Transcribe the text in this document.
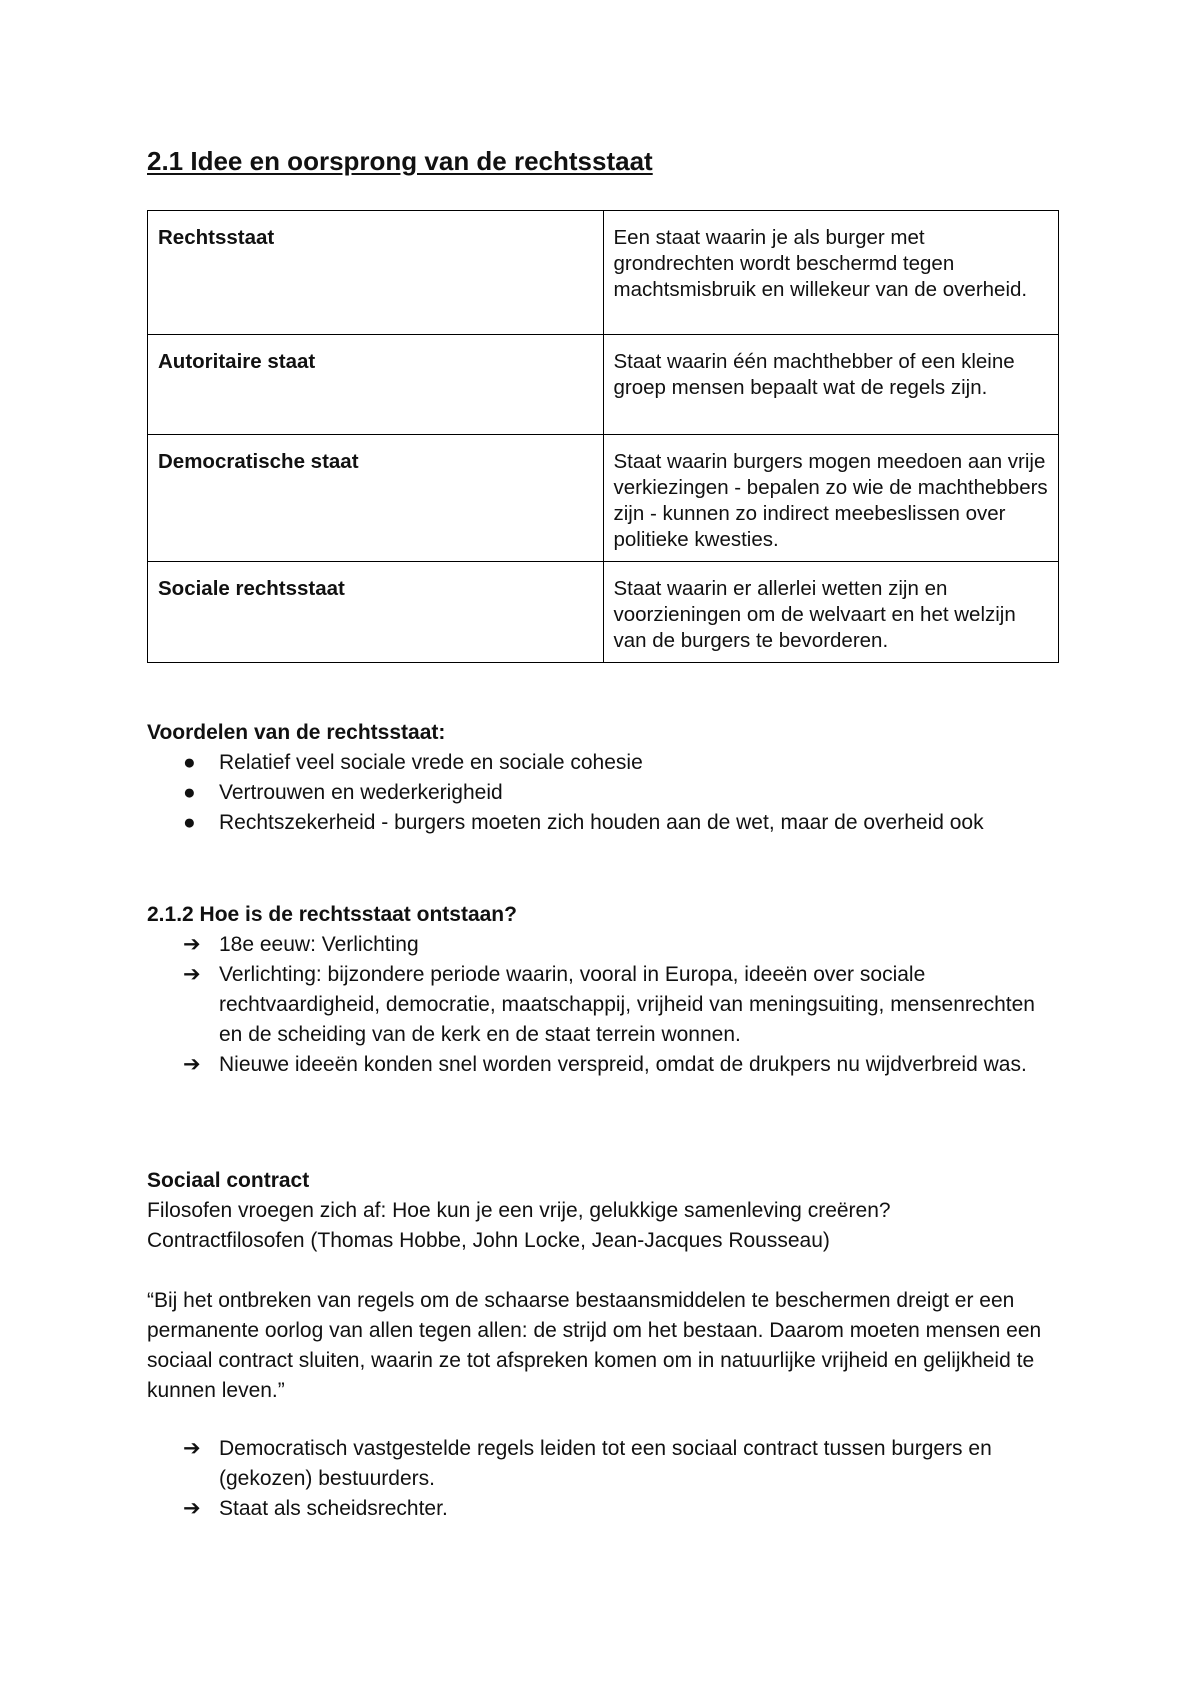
2.1 Idee en oorsprong van de rechtsstaat
Rechtsstaat	Een staat waarin je als burger met grondrechten wordt beschermd tegen machtsmisbruik en willekeur van de overheid.
Autoritaire staat	Staat waarin één machthebber of een kleine groep mensen bepaalt wat de regels zijn.
Democratische staat	Staat waarin burgers mogen meedoen aan vrije verkiezingen - bepalen zo wie de machthebbers zijn - kunnen zo indirect meebeslissen over politieke kwesties.
Sociale rechtsstaat	Staat waarin er allerlei wetten zijn en voorzieningen om de welvaart en het welzijn van de burgers te bevorderen.

Voordelen van de rechtsstaat:

● Relatief veel sociale vrede en sociale cohesie
● Vertrouwen en wederkerigheid
● Rechtszekerheid - burgers moeten zich houden aan de wet, maar de overheid ook

2.1.2 Hoe is de rechtsstaat ontstaan?

➔ 18e eeuw: Verlichting
➔ Verlichting: bijzondere periode waarin, vooral in Europa, ideeën over sociale rechtvaardigheid, democratie, maatschappij, vrijheid van meningsuiting, mensenrechten en de scheiding van de kerk en de staat terrein wonnen.
➔ Nieuwe ideeën konden snel worden verspreid, omdat de drukpers nu wijdverbreid was.

Sociaal contract

Filosofen vroegen zich af: Hoe kun je een vrije, gelukkige samenleving creëren?

Contractfilosofen (Thomas Hobbe, John Locke, Jean-Jacques Rousseau)

“Bij het ontbreken van regels om de schaarse bestaansmiddelen te beschermen dreigt er een permanente oorlog van allen tegen allen: de strijd om het bestaan. Daarom moeten mensen een sociaal contract sluiten, waarin ze tot afspreken komen om in natuurlijke vrijheid en gelijkheid te kunnen leven.”

➔ Democratisch vastgestelde regels leiden tot een sociaal contract tussen burgers en (gekozen) bestuurders.
➔ Staat als scheidsrechter.
